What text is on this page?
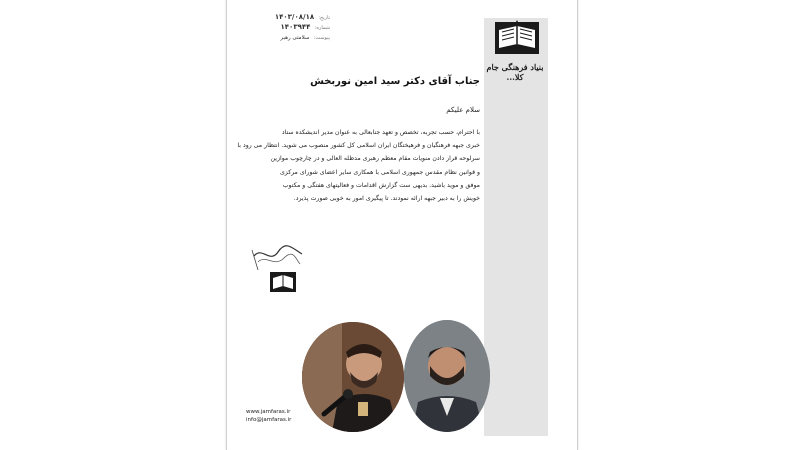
بنیاد فرهنگی جام کلا...
تاریخ: ۱۴۰۳/۰۸/۱۸
شماره: ۱۴۰۳۹۴۴
پیوست: سلامتی رهبر
جناب آقای دکتر سید امین نوربخش
سلام علیکم
با احترام، حسب تجربه، تخصص و تعهد جنابعالی به عنوان مدیر اندیشکده ستاد
خبری جبهه فرهنگیان و فرهیختگان ایران اسلامی کل کشور منصوب می شوید. انتظار می رود با
سرلوحه قرار دادن منویات مقام معظم رهبری مدظله العالی و در چارچوب موازین
و قوانین نظام مقدس جمهوری اسلامی با همکاری سایر اعضای شورای مرکزی
موفق و موید باشید. بدیهی ست گزارش اقدامات و فعالیتهای هفتگی و مکتوب
خویش را به دبیر جبهه ارائه نمودند. تا پیگیری امور به خوبی صورت پذیرد.
www.jamfaras.ir
info@jamfaras.ir
